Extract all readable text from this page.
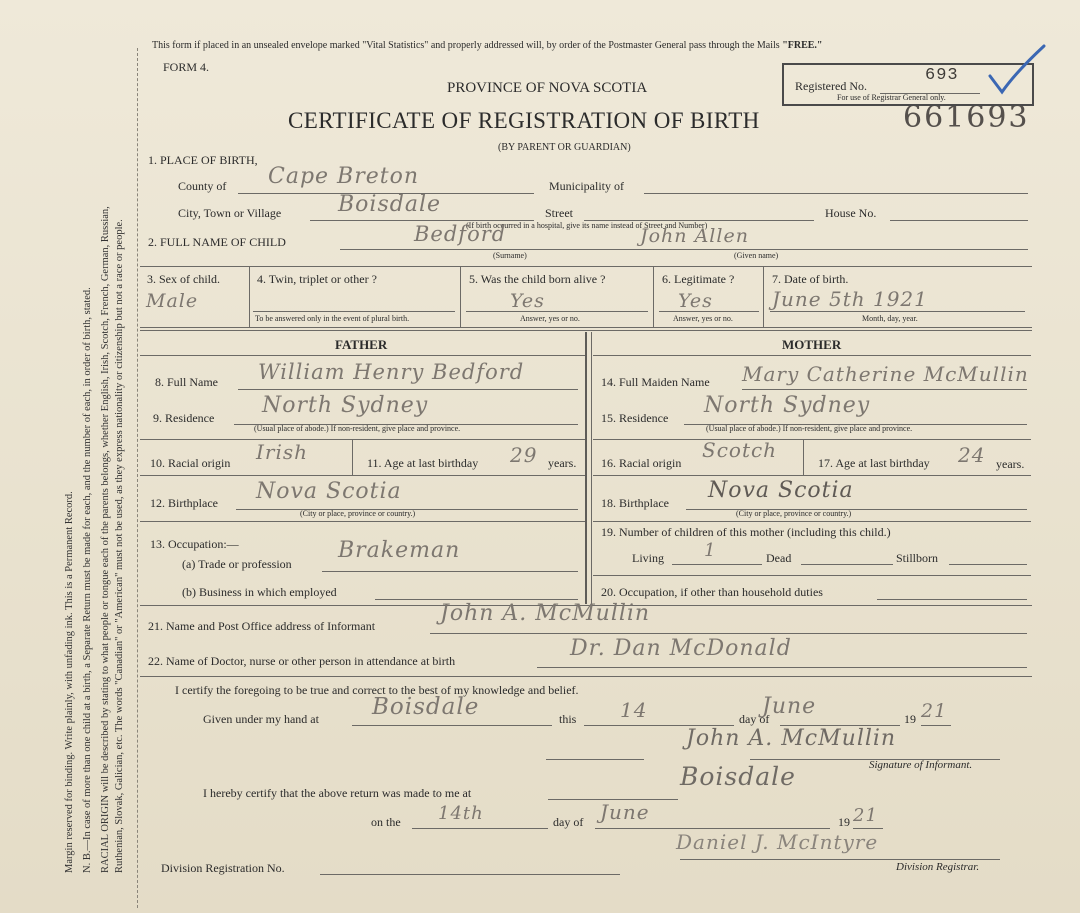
Margin reserved for binding. Write plainly, with unfading ink. This is a Permanent Record. N. B.—In case of more than one child at a birth, a Separate Return must be made for each, and the number of each, in order of birth, stated. RACIAL ORIGIN will be described by stating to what people or tongue each of the parents belongs, whether English, Irish, Scotch, French, German, Russian, Ruthenian, Slovak, Galician, etc. The words "Canadian" or "American" must not be used, as they express nationality or citizenship but not a race or people.
This form if placed in an unsealed envelope marked "Vital Statistics" and properly addressed will, by order of the Postmaster General pass through the Mails "FREE."
FORM 4.
PROVINCE OF NOVA SCOTIA
CERTIFICATE OF REGISTRATION OF BIRTH	661693
(BY PARENT OR GUARDIAN)
Registered No.
693
For use of Registrar General only.
1. PLACE OF BIRTH,
County of Cape Breton	Municipality of
City, Town or Village	Boisdale	Street	House No.
(If birth occurred in a hospital, give its name instead of Street and Number)
2. FULL NAME OF CHILD	Bedford	John Allen
(Surname)	(Given name)
3. Sex of child.
Male
4. Twin, triplet or other ?
To be answered only in the event of plural birth.
5. Was the child born alive ?
Yes
Answer, yes or no.
6. Legitimate ?
Yes
Answer, yes or no.
7. Date of birth.
June 5th 1921
Month, day, year.
FATHER	MOTHER
8. Full Name William Henry Bedford
9. Residence North Sydney
(Usual place of abode.) If non-resident, give place and province.
10. Racial origin Irish	11. Age at last birthday 29 years.
12. Birthplace Nova Scotia
(City or place, province or country.)
13. Occupation:—
(a) Trade or profession
Brakeman
(b) Business in which employed
14. Full Maiden Name Mary Catherine McMullin
15. Residence North Sydney
(Usual place of abode.) If non-resident, give place and province.
16. Racial origin
Scotch
17. Age at last birthday 24 years.
18. Birthplace Nova Scotia
(City or place, province or country.)
19. Number of children of this mother (including this child.)
Living 1	Dead	Stillborn
20. Occupation, if other than household duties
21. Name and Post Office address of Informant	John A. McMullin
22. Name of Doctor, nurse or other person in attendance at birth	Dr. Dan McDonald
I certify the foregoing to be true and correct to the best of my knowledge and belief.
Given under my hand at Boisdale	this 14	day of
June	19 21
John A. McMullin
Signature of Informant.
Boisdale
I hereby certify that the above return was made to me at
on the 14th	day of June	19 21
Daniel J. McIntyre
Division Registration No.	Division Registrar.
